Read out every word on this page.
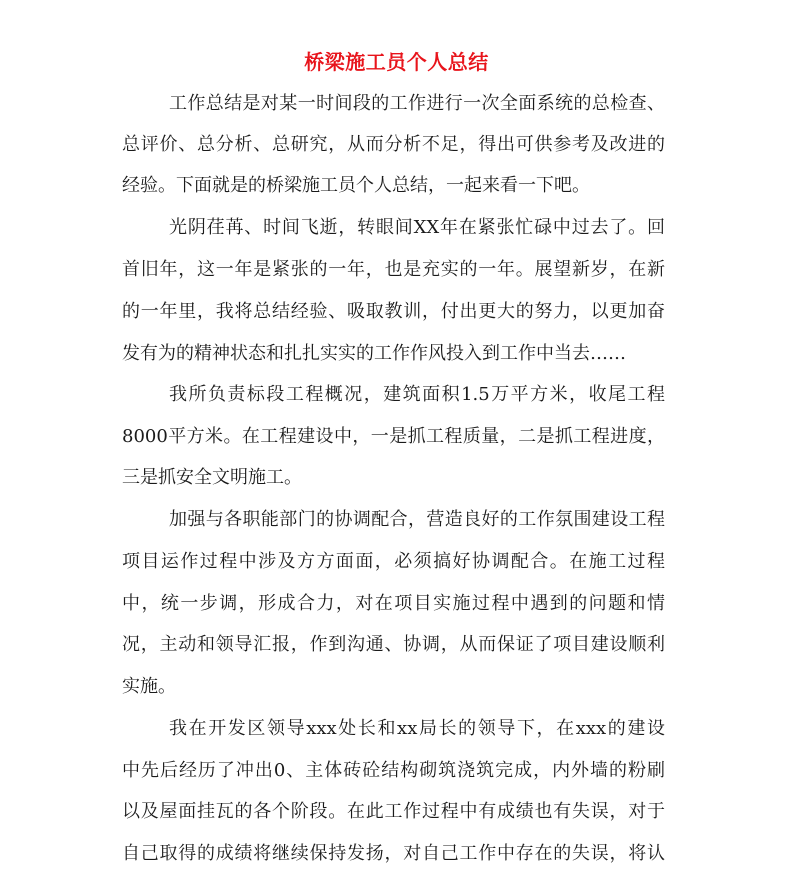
桥梁施工员个人总结
工作总结是对某一时间段的工作进行一次全面系统的总检查、
总评价、总分析、总研究，从而分析不足，得出可供参考及改进的
经验。下面就是的桥梁施工员个人总结，一起来看一下吧。
光阴荏苒、时间飞逝，转眼间XX年在紧张忙碌中过去了。回
首旧年，这一年是紧张的一年，也是充实的一年。展望新岁，在新
的一年里，我将总结经验、吸取教训，付出更大的努力，以更加奋
发有为的精神状态和扎扎实实的工作作风投入到工作中当去……
我所负责标段工程概况，建筑面积1.5万平方米，收尾工程
8000平方米。在工程建设中，一是抓工程质量，二是抓工程进度，
三是抓安全文明施工。
加强与各职能部门的协调配合，营造良好的工作氛围建设工程
项目运作过程中涉及方方面面，必须搞好协调配合。在施工过程
中，统一步调，形成合力，对在项目实施过程中遇到的问题和情
况，主动和领导汇报，作到沟通、协调，从而保证了项目建设顺利
实施。
我在开发区领导xxx处长和xx局长的领导下，在xxx的建设
中先后经历了冲出0、主体砖砼结构砌筑浇筑完成，内外墙的粉刷
以及屋面挂瓦的各个阶段。在此工作过程中有成绩也有失误，对于
自己取得的成绩将继续保持发扬，对自己工作中存在的失误，将认
